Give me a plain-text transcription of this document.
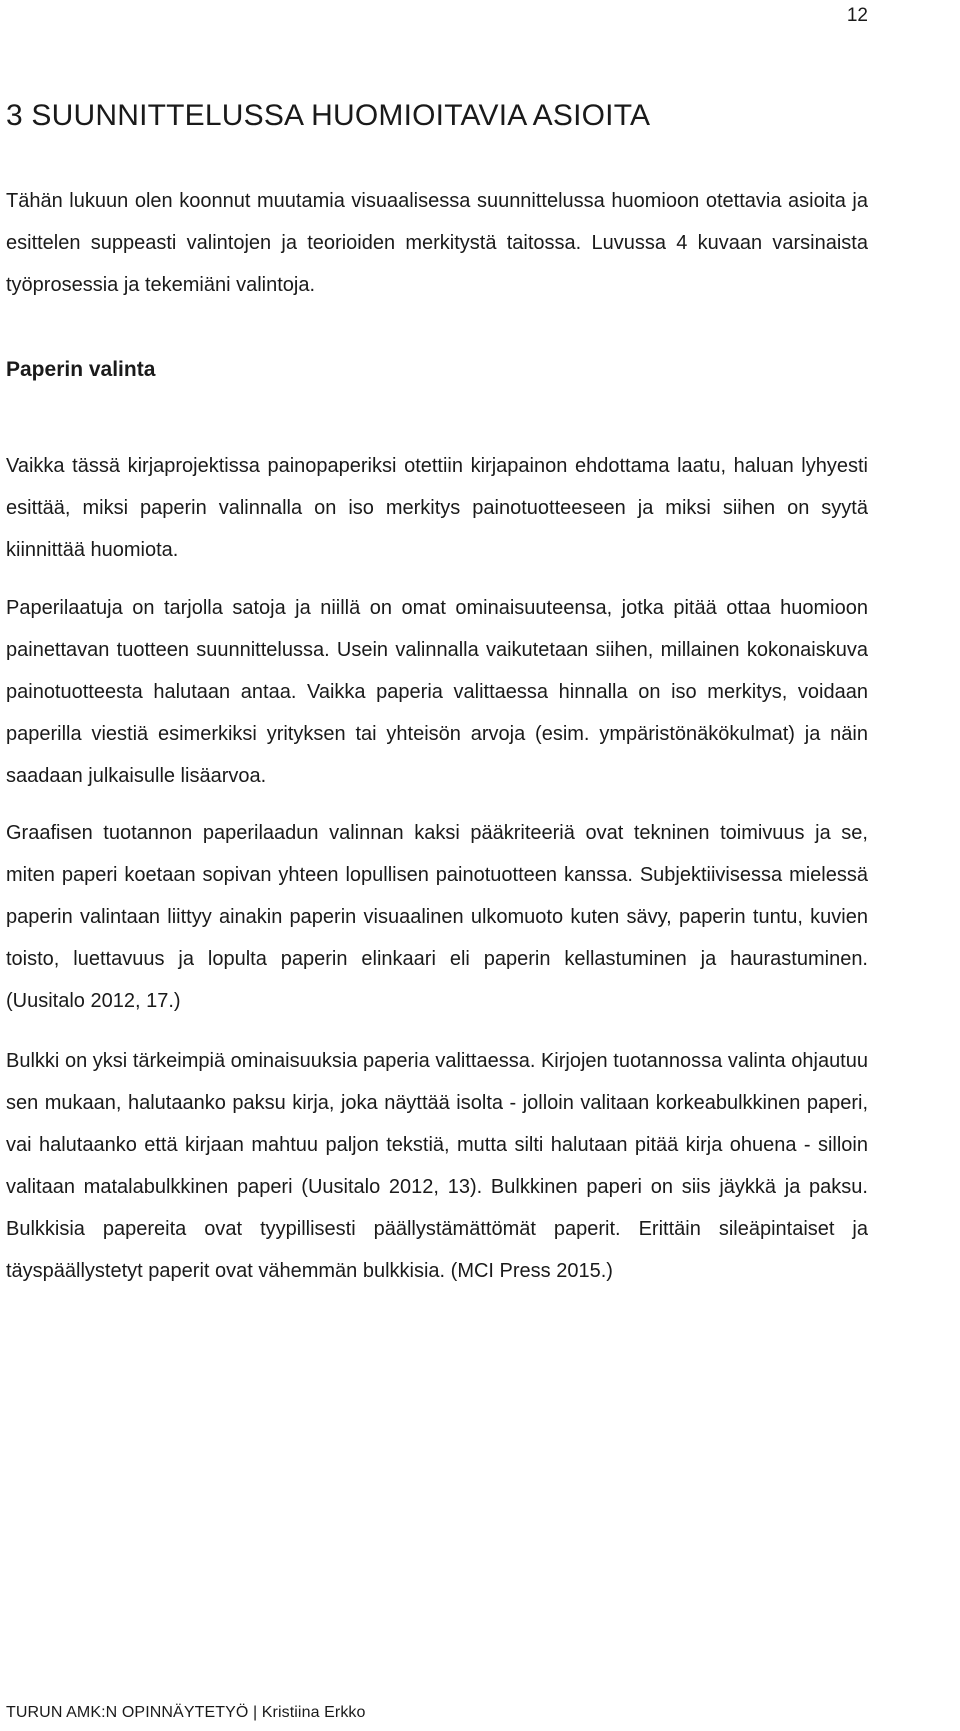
12
3 SUUNNITTELUSSA HUOMIOITAVIA ASIOITA

Tähän lukuun olen koonnut muutamia visuaalisessa suunnittelussa huomioon otettavia asioita ja esittelen suppeasti valintojen ja teorioiden merkitystä taitossa. Luvussa 4 kuvaan varsinaista työprosessia ja tekemiäni valintoja.

Paperin valinta

Vaikka tässä kirjaprojektissa painopaperiksi otettiin kirjapainon ehdottama laatu, haluan lyhyesti esittää, miksi paperin valinnalla on iso merkitys painotuotteeseen ja miksi siihen on syytä kiinnittää huomiota.

Paperilaatuja on tarjolla satoja ja niillä on omat ominaisuuteensa, jotka pitää ottaa huomioon painettavan tuotteen suunnittelussa. Usein valinnalla vaikutetaan siihen, millainen kokonaiskuva painotuotteesta halutaan antaa. Vaikka paperia valittaessa hinnalla on iso merkitys, voidaan paperilla viestiä esimerkiksi yrityksen tai yhteisön arvoja (esim. ympäristönäkökulmat) ja näin saadaan julkaisulle lisäarvoa.

Graafisen tuotannon paperilaadun valinnan kaksi pääkriteeriä ovat tekninen toimivuus ja se, miten paperi koetaan sopivan yhteen lopullisen painotuotteen kanssa. Subjektiivisessa mielessä paperin valintaan liittyy ainakin paperin visuaalinen ulkomuoto kuten sävy, paperin tuntu, kuvien toisto, luettavuus ja lopulta paperin elinkaari eli paperin kellastuminen ja haurastuminen. (Uusitalo 2012, 17.)

Bulkki on yksi tärkeimpiä ominaisuuksia paperia valittaessa. Kirjojen tuotannossa valinta ohjautuu sen mukaan, halutaanko paksu kirja, joka näyttää isolta - jolloin valitaan korkeabulkkinen paperi, vai halutaanko että kirjaan mahtuu paljon tekstiä, mutta silti halutaan pitää kirja ohuena - silloin valitaan matalabulkkinen paperi (Uusitalo 2012, 13). Bulkkinen paperi on siis jäykkä ja paksu. Bulkkisia papereita ovat tyypillisesti päällystämättömät paperit. Erittäin sileäpintaiset ja täyspäällystetyt paperit ovat vähemmän bulkkisia. (MCI Press 2015.)

TURUN AMK:N OPINNÄYTETYÖ | Kristiina Erkko
